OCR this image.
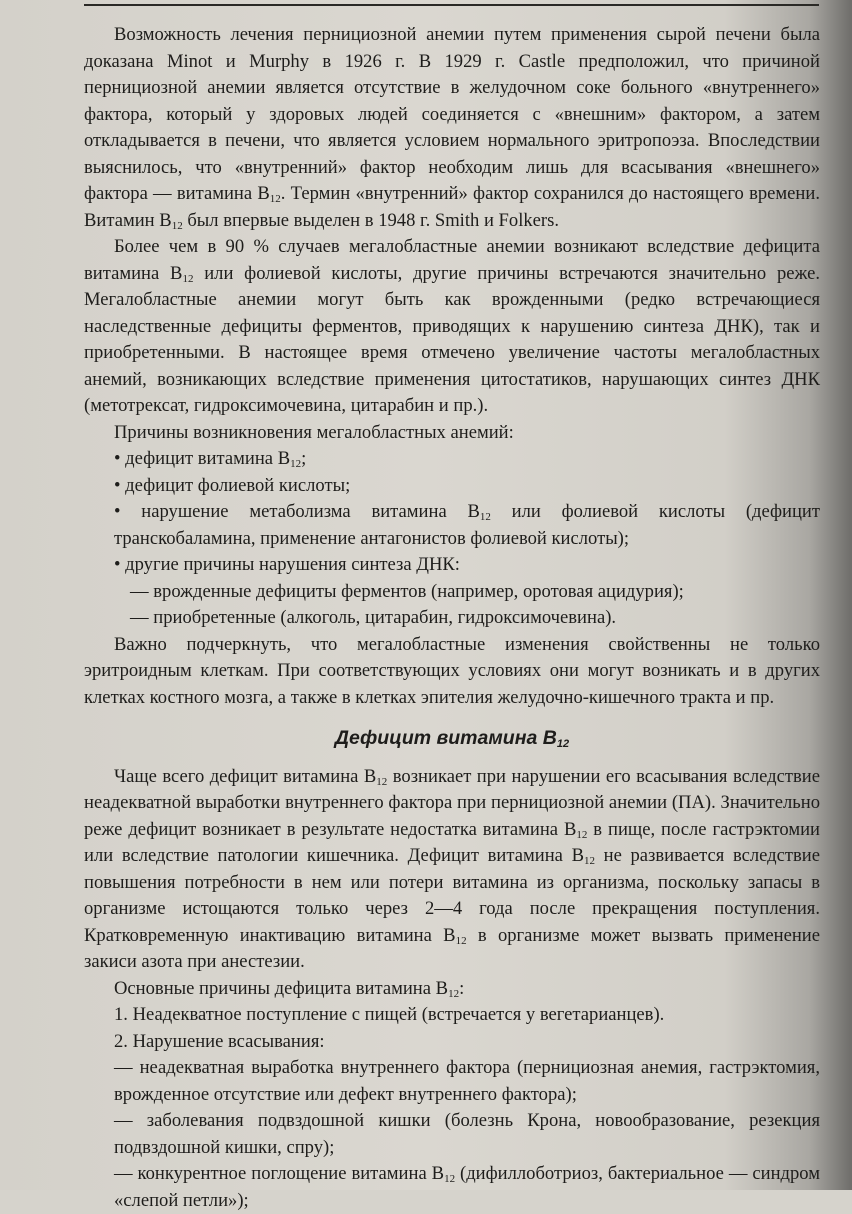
Возможность лечения пернициозной анемии путем применения сырой печени была доказана Minot и Murphy в 1926 г. В 1929 г. Castle предположил, что причиной пернициозной анемии является отсутствие в желудочном соке больного «внутреннего» фактора, который у здоровых людей соединяется с «внешним» фактором, а затем откладывается в печени, что является условием нормального эритропоэза. Впоследствии выяснилось, что «внутренний» фактор необходим лишь для всасывания «внешнего» фактора — витамина $B_{12}$. Термин «внутренний» фактор сохранился до настоящего времени. Витамин $B_{12}$ был впервые выделен в 1948 г. Smith и Folkers.

Более чем в 90 % случаев мегалобластные анемии возникают вследствие дефицита витамина $B_{12}$ или фолиевой кислоты, другие причины встречаются значительно реже. Мегалобластные анемии могут быть как врожденными (редко встречающиеся наследственные дефициты ферментов, приводящих к нарушению синтеза ДНК), так и приобретенными. В настоящее время отмечено увеличение частоты мегалобластных анемий, возникающих вследствие применения цитостатиков, нарушающих синтез ДНК (метотрексат, гидроксимочевина, цитарабин и пр.).

Причины возникновения мегалобластных анемий:

• дефицит витамина $B_{12}$;

• дефицит фолиевой кислоты;

• нарушение метаболизма витамина $B_{12}$ или фолиевой кислоты (дефицит транскобаламина, применение антагонистов фолиевой кислоты);

• другие причины нарушения синтеза ДНК:

— врожденные дефициты ферментов (например, оротовая ацидурия);

— приобретенные (алкоголь, цитарабин, гидроксимочевина).

Важно подчеркнуть, что мегалобластные изменения свойственны не только эритроидным клеткам. При соответствующих условиях они могут возникать и в других клетках костного мозга, а также в клетках эпителия желудочно-кишечного тракта и пр.

Дефицит витамина $B_{12}$

Чаще всего дефицит витамина $B_{12}$ возникает при нарушении его всасывания вследствие неадекватной выработки внутреннего фактора при пернициозной анемии (ПА). Значительно реже дефицит возникает в результате недостатка витамина $B_{12}$ в пище, после гастрэктомии или вследствие патологии кишечника. Дефицит витамина $B_{12}$ не развивается вследствие повышения потребности в нем или потери витамина из организма, поскольку запасы в организме истощаются только через 2—4 года после прекращения поступления. Кратковременную инактивацию витамина $B_{12}$ в организме может вызвать применение закиси азота при анестезии.

Основные причины дефицита витамина $B_{12}$:

1. Неадекватное поступление с пищей (встречается у вегетарианцев).

2. Нарушение всасывания:

— неадекватная выработка внутреннего фактора (пернициозная анемия, гастрэктомия, врожденное отсутствие или дефект внутреннего фактора);

— заболевания подвздошной кишки (болезнь Крона, новообразование, резекция подвздошной кишки, спру);

— конкурентное поглощение витамина $B_{12}$ (дифиллоботриоз, бактериальное — синдром «слепой петли»);
